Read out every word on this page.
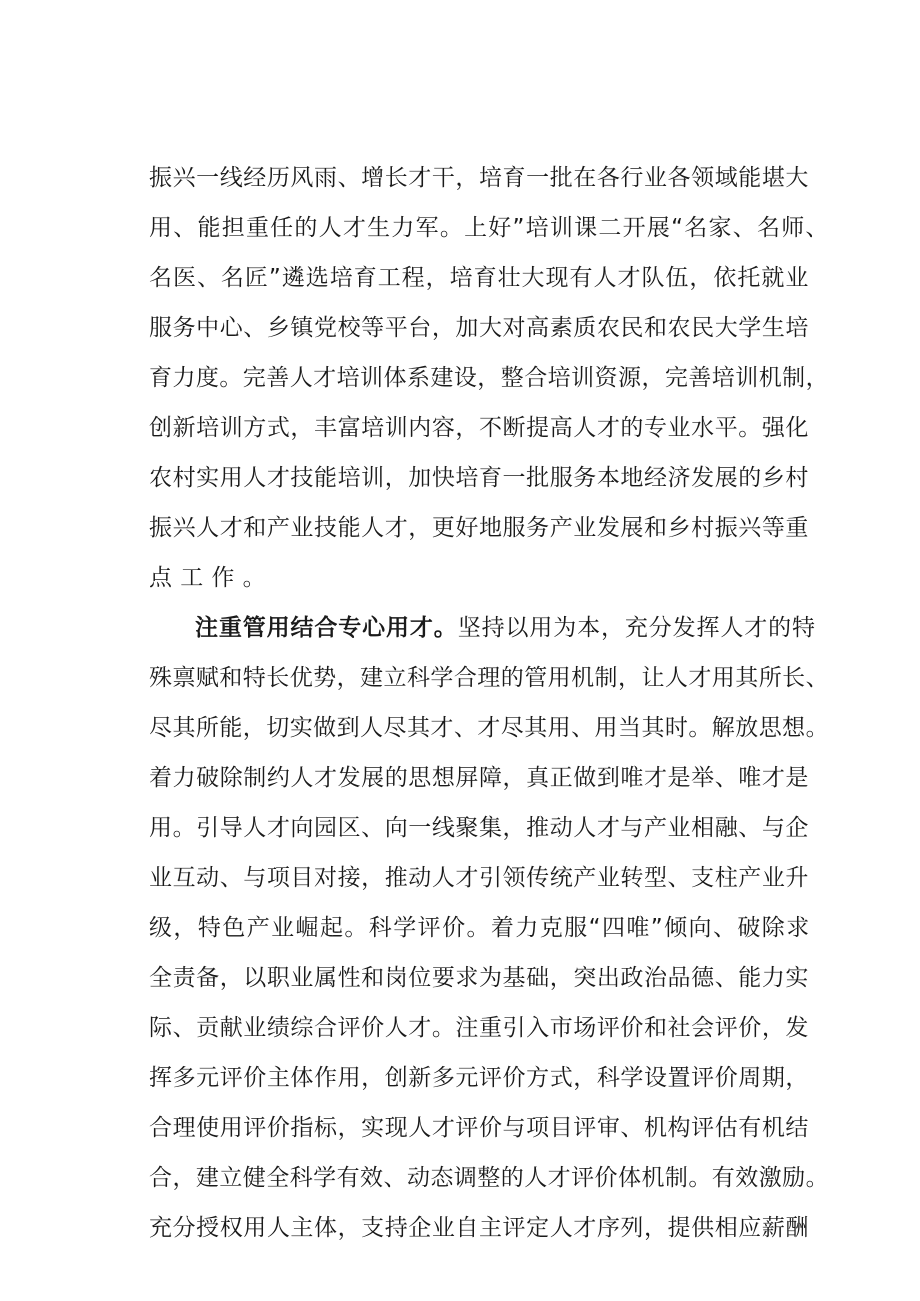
振兴一线经历风雨、增长才干，培育一批在各行业各领域能堪大
用、能担重任的人才生力军。上好”培训课二开展“名家、名师、
名医、名匠”遴选培育工程，培育壮大现有人才队伍，依托就业
服务中心、乡镇党校等平台，加大对高素质农民和农民大学生培
育力度。完善人才培训体系建设，整合培训资源，完善培训机制，
创新培训方式，丰富培训内容，不断提高人才的专业水平。强化
农村实用人才技能培训，加快培育一批服务本地经济发展的乡村
振兴人才和产业技能人才，更好地服务产业发展和乡村振兴等重
点工作。
注重管用结合专心用才。坚持以用为本，充分发挥人才的特
殊禀赋和特长优势，建立科学合理的管用机制，让人才用其所长、
尽其所能，切实做到人尽其才、才尽其用、用当其时。解放思想。
着力破除制约人才发展的思想屏障，真正做到唯才是举、唯才是
用。引导人才向园区、向一线聚集，推动人才与产业相融、与企
业互动、与项目对接，推动人才引领传统产业转型、支柱产业升
级，特色产业崛起。科学评价。着力克服“四唯”倾向、破除求
全责备，以职业属性和岗位要求为基础，突出政治品德、能力实
际、贡献业绩综合评价人才。注重引入市场评价和社会评价，发
挥多元评价主体作用，创新多元评价方式，科学设置评价周期，
合理使用评价指标，实现人才评价与项目评审、机构评估有机结
合，建立健全科学有效、动态调整的人才评价体机制。有效激励。
充分授权用人主体，支持企业自主评定人才序列，提供相应薪酬
